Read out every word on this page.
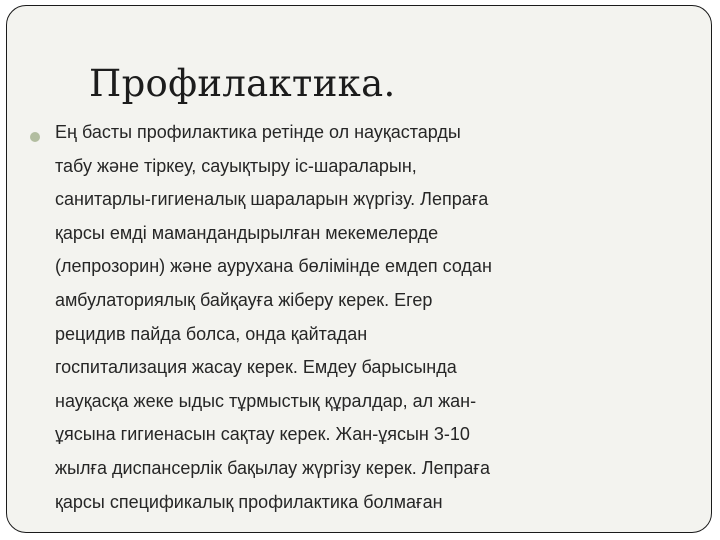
Профилактика.
Ең басты профилактика ретінде ол науқастарды
табу және тіркеу, сауықтыру іс-шараларын,
санитарлы-гигиеналық шараларын жүргізу. Лепраға
қарсы емді мамандандырылған мекемелерде
(лепрозорин) және аурухана бөлімінде емдеп содан
амбулаториялық байқауға жіберу керек. Егер
рецидив пайда болса, онда қайтадан
госпитализация жасау керек. Емдеу барысында
науқасқа жеке ыдыс тұрмыстық құралдар, ал жан-
ұясына гигиенасын сақтау керек. Жан-ұясын 3-10
жылға диспансерлік бақылау жүргізу керек. Лепраға
қарсы спецификалық профилактика болмаған
